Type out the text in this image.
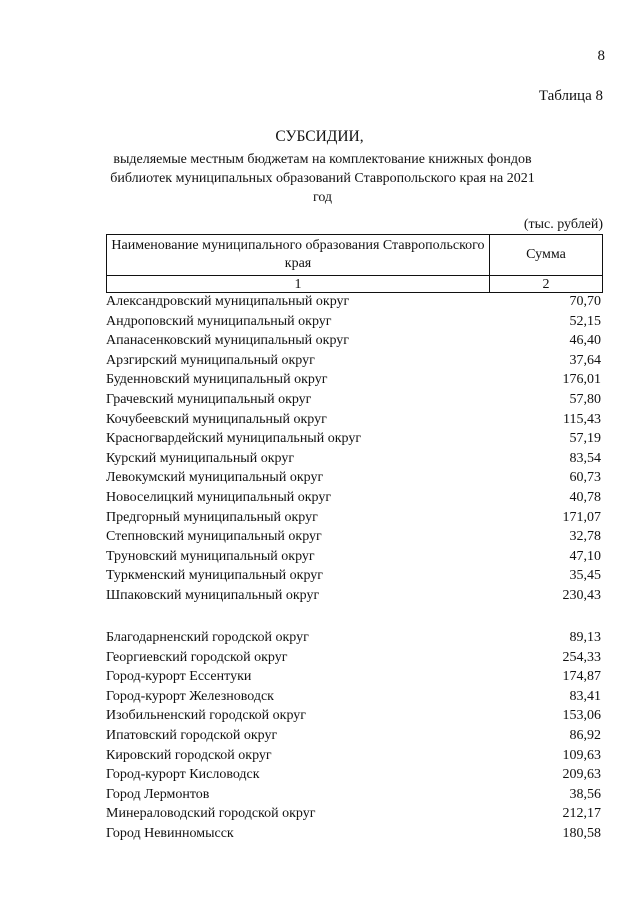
8
Таблица 8
СУБСИДИИ,
выделяемые местным бюджетам на комплектование книжных фондов библиотек муниципальных образований Ставропольского края на 2021 год
(тыс. рублей)
Наименование муниципального образования Ставропольского края	Сумма
1	2
Александровский муниципальный округ	70,70
Андроповский муниципальный округ	52,15
Апанасенковский муниципальный округ	46,40
Арзгирский муниципальный округ	37,64
Буденновский муниципальный округ	176,01
Грачевский муниципальный округ	57,80
Кочубеевский муниципальный округ	115,43
Красногвардейский муниципальный округ	57,19
Курский муниципальный округ	83,54
Левокумский муниципальный округ	60,73
Новоселицкий муниципальный округ	40,78
Предгорный муниципальный округ	171,07
Степновский муниципальный округ	32,78
Труновский муниципальный округ	47,10
Туркменский муниципальный округ	35,45
Шпаковский муниципальный округ	230,43
Благодарненский городской округ	89,13
Георгиевский городской округ	254,33
Город-курорт Ессентуки	174,87
Город-курорт Железноводск	83,41
Изобильненский городской округ	153,06
Ипатовский городской округ	86,92
Кировский городской округ	109,63
Город-курорт Кисловодск	209,63
Город Лермонтов	38,56
Минераловодский городской округ	212,17
Город Невинномысск	180,58
